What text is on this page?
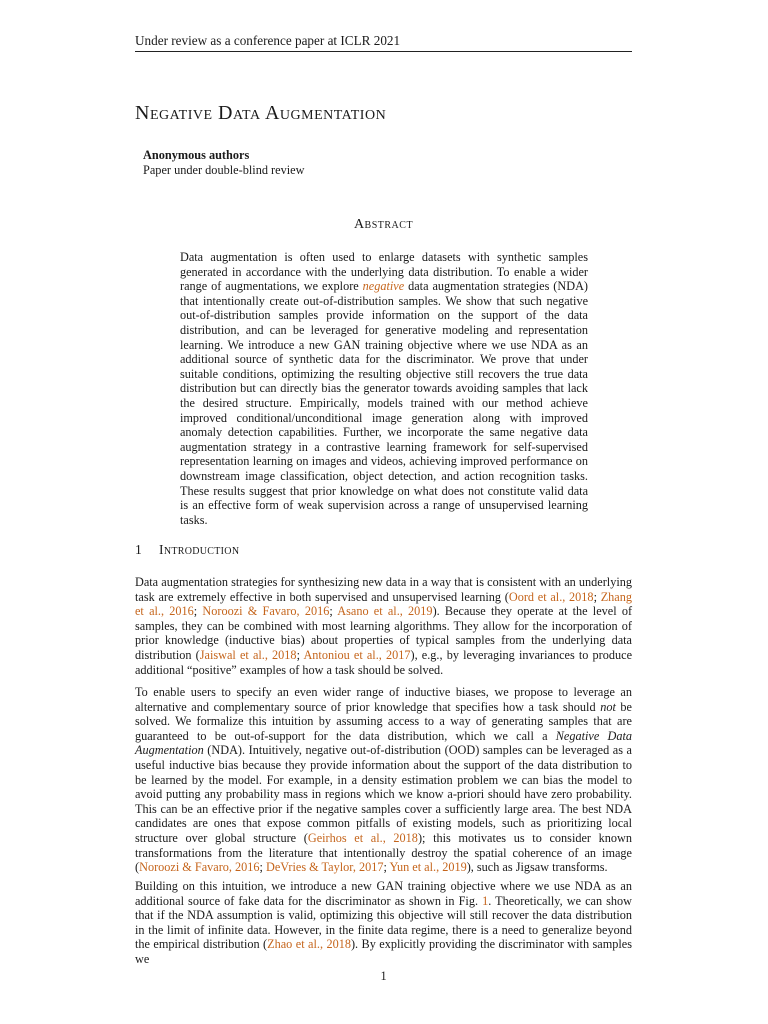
Under review as a conference paper at ICLR 2021
Negative Data Augmentation
Anonymous authors
Paper under double-blind review
Abstract
Data augmentation is often used to enlarge datasets with synthetic samples generated in accordance with the underlying data distribution. To enable a wider range of augmentations, we explore negative data augmentation strategies (NDA) that intentionally create out-of-distribution samples. We show that such negative out-of-distribution samples provide information on the support of the data distribution, and can be leveraged for generative modeling and representation learning. We introduce a new GAN training objective where we use NDA as an additional source of synthetic data for the discriminator. We prove that under suitable conditions, optimizing the resulting objective still recovers the true data distribution but can directly bias the generator towards avoiding samples that lack the desired structure. Empirically, models trained with our method achieve improved conditional/unconditional image generation along with improved anomaly detection capabilities. Further, we incorporate the same negative data augmentation strategy in a contrastive learning framework for self-supervised representation learning on images and videos, achieving improved performance on downstream image classification, object detection, and action recognition tasks. These results suggest that prior knowledge on what does not constitute valid data is an effective form of weak supervision across a range of unsupervised learning tasks.
1 Introduction

Data augmentation strategies for synthesizing new data in a way that is consistent with an underlying task are extremely effective in both supervised and unsupervised learning (Oord et al., 2018; Zhang et al., 2016; Noroozi & Favaro, 2016; Asano et al., 2019). Because they operate at the level of samples, they can be combined with most learning algorithms. They allow for the incorporation of prior knowledge (inductive bias) about properties of typical samples from the underlying data distribution (Jaiswal et al., 2018; Antoniou et al., 2017), e.g., by leveraging invariances to produce additional “positive” examples of how a task should be solved.

To enable users to specify an even wider range of inductive biases, we propose to leverage an alternative and complementary source of prior knowledge that specifies how a task should not be solved. We formalize this intuition by assuming access to a way of generating samples that are guaranteed to be out-of-support for the data distribution, which we call a Negative Data Augmentation (NDA). Intuitively, negative out-of-distribution (OOD) samples can be leveraged as a useful inductive bias because they provide information about the support of the data distribution to be learned by the model. For example, in a density estimation problem we can bias the model to avoid putting any probability mass in regions which we know a-priori should have zero probability. This can be an effective prior if the negative samples cover a sufficiently large area. The best NDA candidates are ones that expose common pitfalls of existing models, such as prioritizing local structure over global structure (Geirhos et al., 2018); this motivates us to consider known transformations from the literature that intentionally destroy the spatial coherence of an image (Noroozi & Favaro, 2016; DeVries & Taylor, 2017; Yun et al., 2019), such as Jigsaw transforms.

Building on this intuition, we introduce a new GAN training objective where we use NDA as an additional source of fake data for the discriminator as shown in Fig. 1. Theoretically, we can show that if the NDA assumption is valid, optimizing this objective will still recover the data distribution in the limit of infinite data. However, in the finite data regime, there is a need to generalize beyond the empirical distribution (Zhao et al., 2018). By explicitly providing the discriminator with samples we

1
